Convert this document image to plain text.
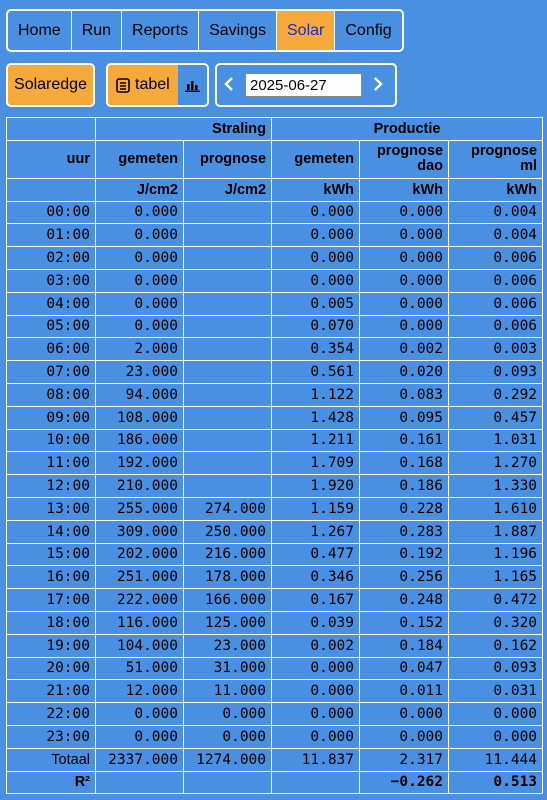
Home	Run	Reports	Savings	Solar	Config
Solaredge	tabel
2025-06-27
	Straling		Productie		
uur	gemeten	prognose	gemeten	prognose dao	prognose ml
	J/cm2	J/cm2	kWh	kWh	kWh
00:00	0.000		0.000	0.000	0.004
01:00	0.000		0.000	0.000	0.004
02:00	0.000		0.000	0.000	0.006
03:00	0.000		0.000	0.000	0.006
04:00	0.000		0.005	0.000	0.006
05:00	0.000		0.070	0.000	0.006
06:00	2.000		0.354	0.002	0.003
07:00	23.000		0.561	0.020	0.093
08:00	94.000		1.122	0.083	0.292
09:00	108.000		1.428	0.095	0.457
10:00	186.000		1.211	0.161	1.031
11:00	192.000		1.709	0.168	1.270
12:00	210.000		1.920	0.186	1.330
13:00	255.000	274.000	1.159	0.228	1.610
14:00	309.000	250.000	1.267	0.283	1.887
15:00	202.000	216.000	0.477	0.192	1.196
16:00	251.000	178.000	0.346	0.256	1.165
17:00	222.000	166.000	0.167	0.248	0.472
18:00	116.000	125.000	0.039	0.152	0.320
19:00	104.000	23.000	0.002	0.184	0.162
20:00	51.000	31.000	0.000	0.047	0.093
21:00	12.000	11.000	0.000	0.011	0.031
22:00	0.000	0.000	0.000	0.000	0.000
23:00	0.000	0.000	0.000	0.000	0.000
Totaal	2337.000	1274.000	11.837	2.317	11.444
R²				−0.262	0.513
